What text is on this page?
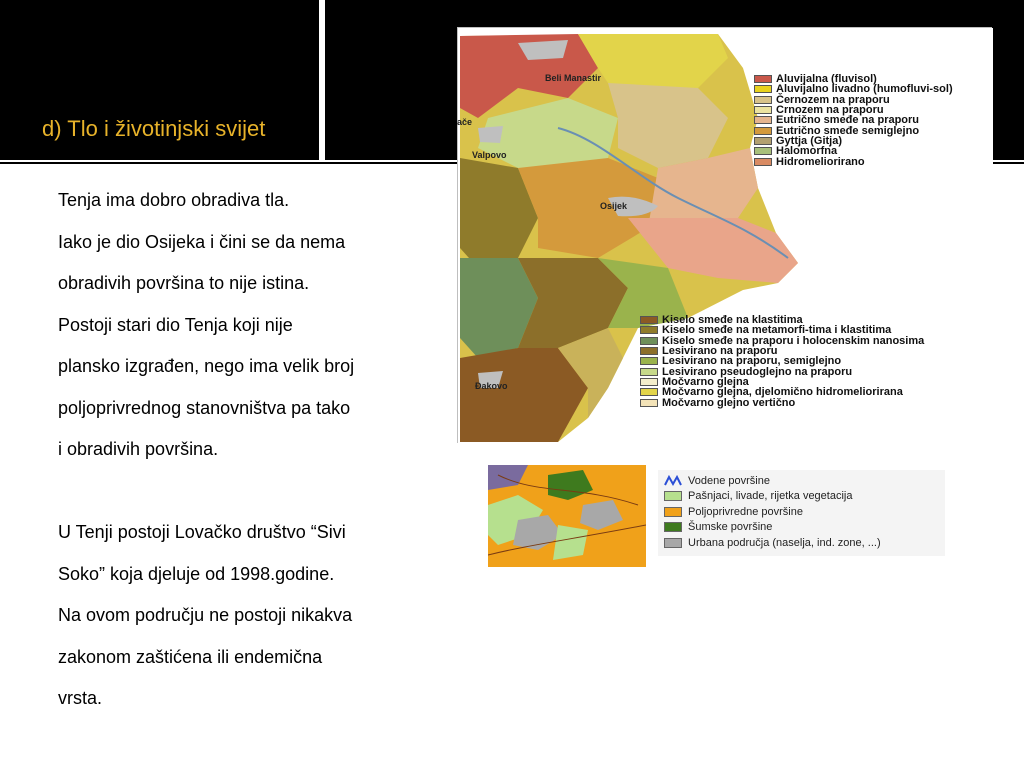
d) Tlo i životinjski svijet

Tenja ima dobro obradiva tla.

Iako je dio Osijeka i čini se da nema

obradivih površina to nije istina.

Postoji stari dio Tenja koji nije

plansko izgrađen, nego ima velik broj

poljoprivrednog stanovništva pa tako

i obradivih površina.

U Tenji postoji Lovačko društvo “Sivi

Soko” koja djeluje od 1998.godine.

Na ovom području ne postoji nikakva

zakonom zaštićena ili endemična

vrsta.

Beli Manastir
Valpovo
Osijek
Đakovo
ače
Aluvijalna (fluvisol)
Aluvijalno livadno (humofluvi-sol)
Černozem na praporu
Crnozem na praporu
Eutrično smeđe na praporu
Eutrično smeđe semiglejno
Gyttja (Gitja)
Halomorfna
Hidromeliorirano
Kiselo smeđe na klastitima
Kiselo smeđe na metamorfi-tima i klastitima
Kiselo smeđe na praporu i holocenskim nanosima
Lesivirano na praporu
Lesivirano na praporu, semiglejno
Lesivirano pseudoglejno na praporu
Močvarno glejna
Močvarno glejna, djelomično hidromeliorirana
Močvarno glejno vertično
Vodene površine
Pašnjaci, livade, rijetka vegetacija
Poljoprivredne površine
Šumske površine
Urbana područja (naselja, ind. zone, ...)
